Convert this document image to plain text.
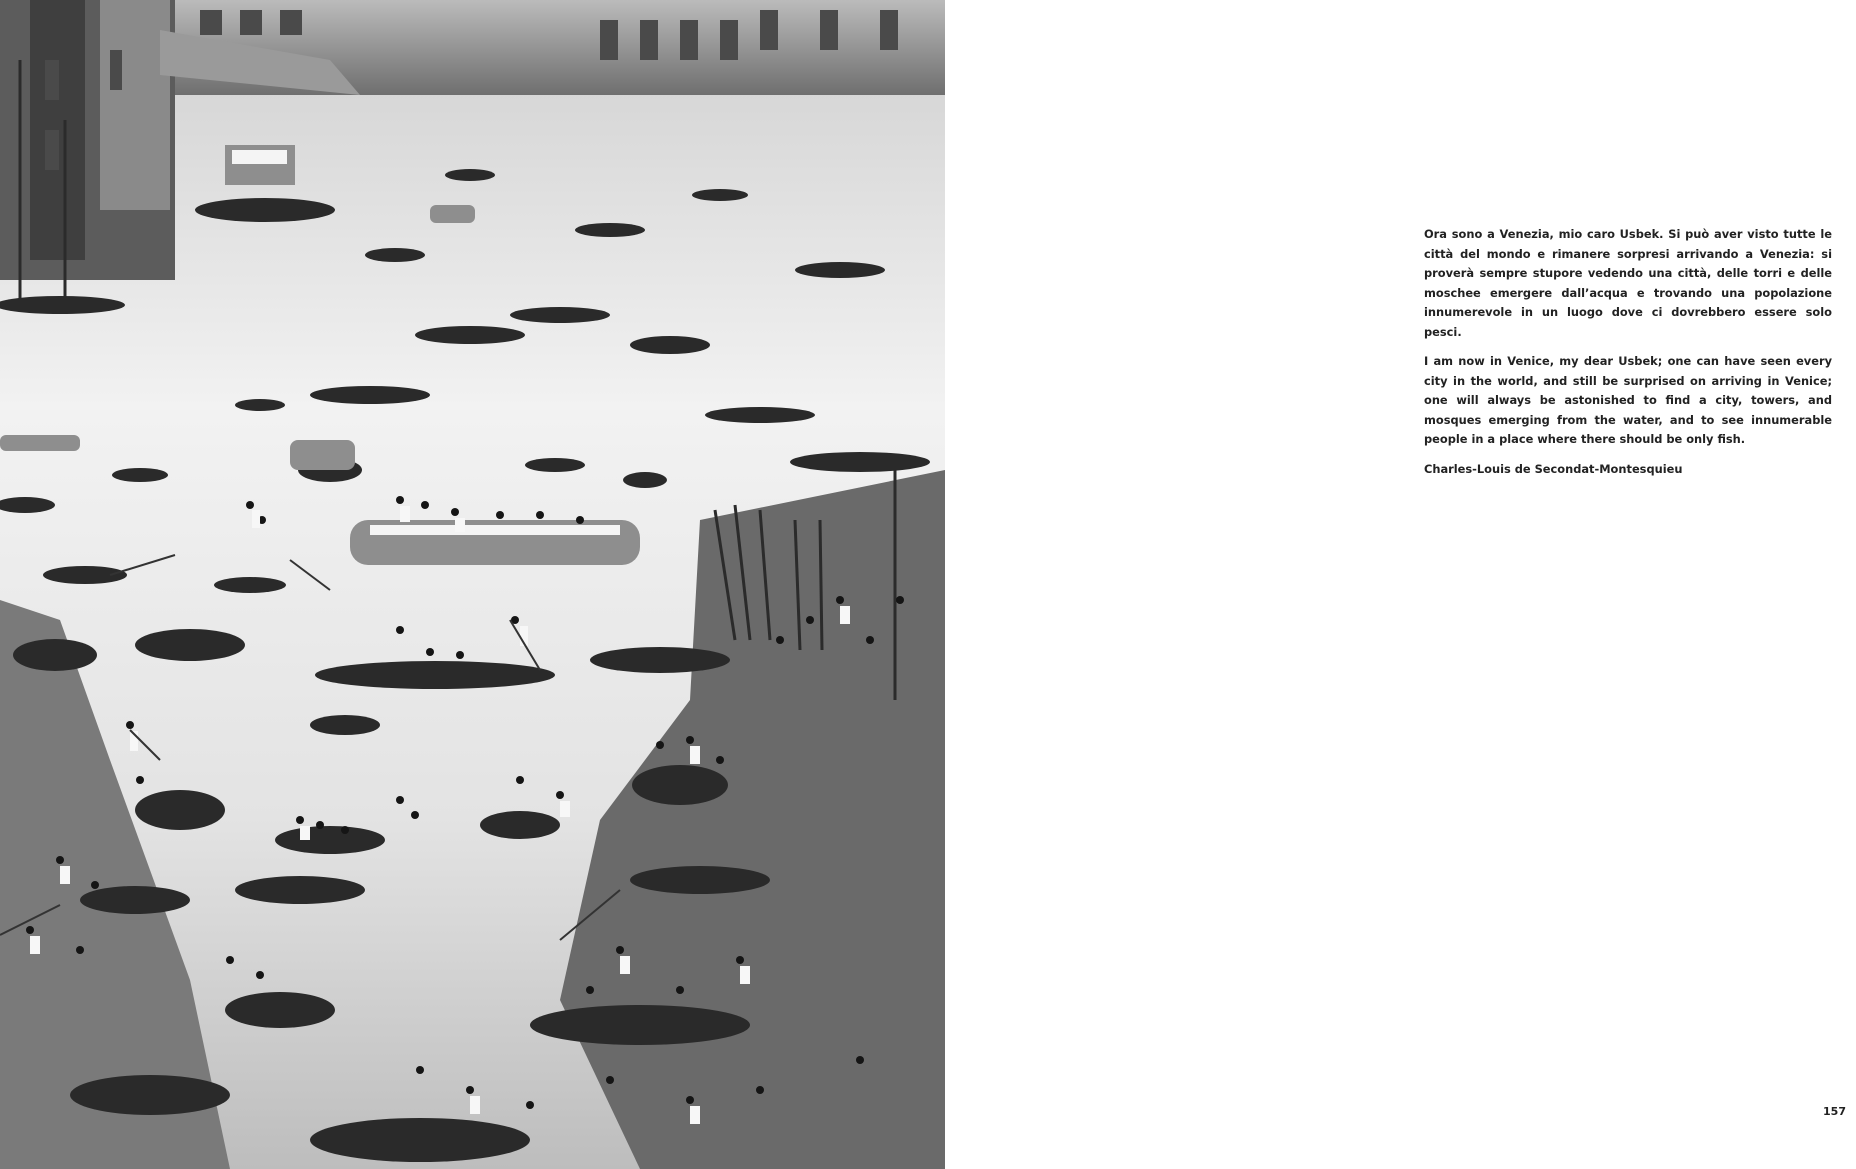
Ora sono a Venezia, mio caro Usbek. Si può aver visto tutte le città del mondo e rimanere sorpresi arrivando a Venezia: si proverà sempre stupore vedendo una città, delle torri e delle moschee emergere dall’acqua e trovando una popolazione innumerevole in un luogo dove ci dovrebbero essere solo pesci.

I am now in Venice, my dear Usbek; one can have seen every city in the world, and still be surprised on arriving in Venice; one will always be astonished to find a city, towers, and mosques emerging from the water, and to see innumerable people in a place where there should be only fish.

Charles-Louis de Secondat-Montesquieu

157
